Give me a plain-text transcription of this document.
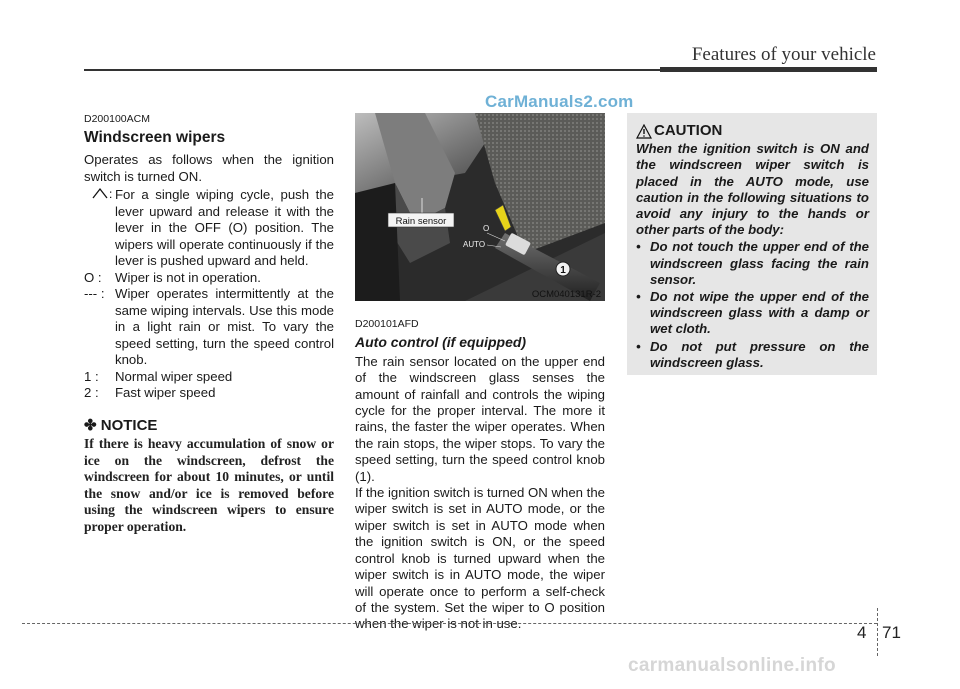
Features of your vehicle
CarManuals2.com
D200100ACM
Windscreen wipers

Operates as follows when the ignition switch is turned ON.

: For a single wiping cycle, push the lever upward and release it with the lever in the OFF (O) position. The wipers will operate continuously if the lever is pushed upward and held.
O : Wiper is not in operation.
--- : Wiper operates intermittently at the same wiping intervals. Use this mode in a light rain or mist. To vary the speed setting, turn the speed control knob.
1 : Normal wiper speed
2 : Fast wiper speed
✤ NOTICE
If there is heavy accumulation of snow or ice on the windscreen, defrost the windscreen for about 10 minutes, or until the snow and/or ice is removed before using the windscreen wipers to ensure proper operation.
1
Rain sensor
O
AUTO
OCM040131R-2
D200101AFD
Auto control (if equipped)

The rain sensor located on the upper end of the windscreen glass senses the amount of rainfall and controls the wiping cycle for the proper interval. The more it rains, the faster the wiper operates. When the rain stops, the wiper stops. To vary the speed setting, turn the speed control knob (1).

If the ignition switch is turned ON when the wiper switch is set in AUTO mode, or the wiper switch is set in AUTO mode when the ignition switch is ON, or the speed control knob is turned upward when the wiper switch is in AUTO mode, the wiper will operate once to perform a self-check of the system. Set the wiper to O position when the wiper is not in use.

CAUTION
When the ignition switch is ON and the windscreen wiper switch is placed in the AUTO mode, use caution in the following situations to avoid any injury to the hands or other parts of the body:
• Do not touch the upper end of the windscreen glass facing the rain sensor.
• Do not wipe the upper end of the windscreen glass with a damp or wet cloth.
• Do not put pressure on the windscreen glass.
4 71
carmanualsonline.info
